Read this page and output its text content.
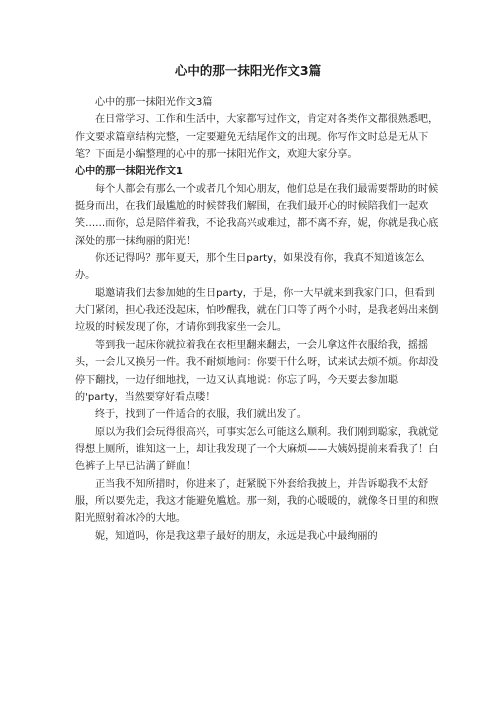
心中的那一抹阳光作文3篇

心中的那一抹阳光作文3篇

在日常学习、工作和生活中，大家都写过作文，肯定对各类作文都很熟悉吧，作文要求篇章结构完整，一定要避免无结尾作文的出现。你写作文时总是无从下笔？下面是小编整理的心中的那一抹阳光作文，欢迎大家分享。

心中的那一抹阳光作文1

每个人都会有那么一个或者几个知心朋友，他们总是在我们最需要帮助的时候挺身而出，在我们最尴尬的时候替我们解围，在我们最开心的时候陪我们一起欢笑……而你，总是陪伴着我，不论我高兴或难过，都不离不弃，妮，你就是我心底深处的那一抹绚丽的阳光！

你还记得吗？那年夏天，那个生日party，如果没有你，我真不知道该怎么办。

聪邀请我们去参加她的生日party，于是，你一大早就来到我家门口，但看到大门紧闭，担心我还没起床，怕吵醒我，就在门口等了两个小时，是我老妈出来倒垃圾的时候发现了你，才请你到我家坐一会儿。

等到我一起床你就拉着我在衣柜里翻来翻去，一会儿拿这件衣服给我，摇摇头，一会儿又换另一件。我不耐烦地问：你要干什么呀，试来试去烦不烦。你却没停下翻找，一边仔细地找，一边又认真地说：你忘了吗，今天要去参加聪的'party，当然要穿好看点喽！

终于，找到了一件适合的衣服，我们就出发了。

原以为我们会玩得很高兴，可事实怎么可能这么顺利。我们刚到聪家，我就觉得想上厕所，谁知这一上，却让我发现了一个大麻烦——大姨妈提前来看我了！白色裤子上早已沾满了鲜血！

正当我不知所措时，你进来了，赶紧脱下外套给我披上，并告诉聪我不太舒服，所以要先走，我这才能避免尴尬。那一刻，我的心暖暖的，就像冬日里的和煦阳光照射着冰冷的大地。

妮，知道吗，你是我这辈子最好的朋友，永远是我心中最绚丽的
